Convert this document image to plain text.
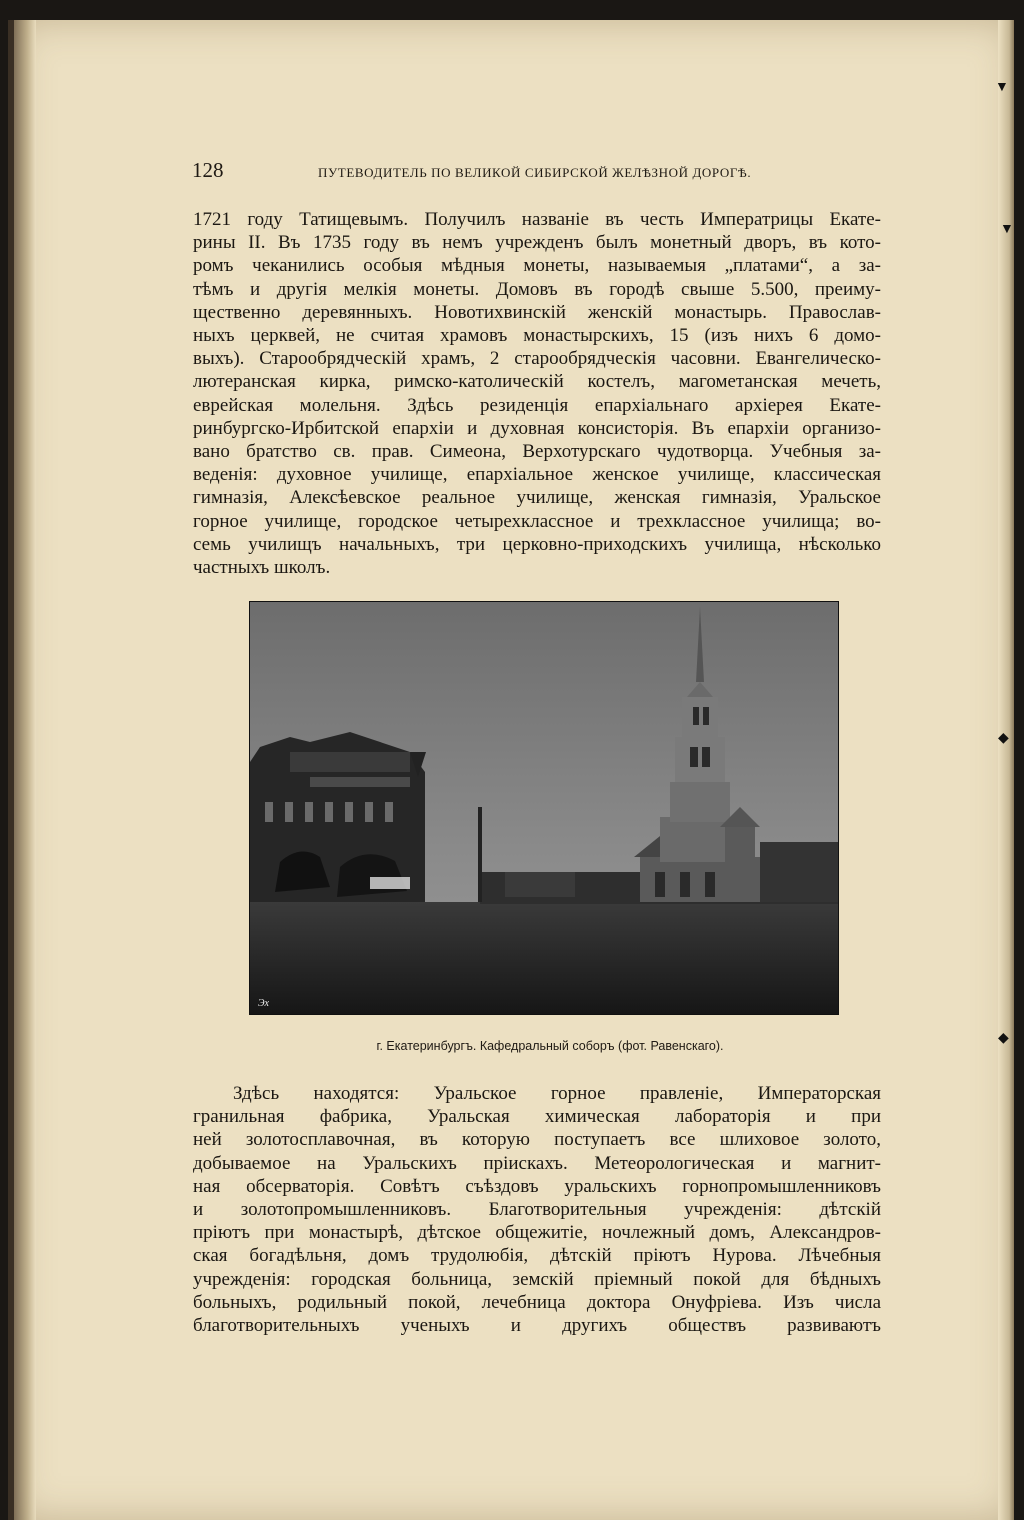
128	ПУТЕВОДИТЕЛЬ ПО ВЕЛИКОЙ СИБИРСКОЙ ЖЕЛѢЗНОЙ ДОРОГѢ.
1721 году Татищевымъ. Получилъ названіе въ честь Императрицы Екате-
рины II. Въ 1735 году въ немъ учрежденъ былъ монетный дворъ, въ кото-
ромъ чеканились особыя мѣдныя монеты, называемыя „платами“, а за-
тѣмъ и другія мелкія монеты. Домовъ въ городѣ свыше 5.500, преиму-
щественно деревянныхъ. Новотихвинскій женскій монастырь. Православ-
ныхъ церквей, не считая храмовъ монастырскихъ, 15 (изъ нихъ 6 домо-
выхъ). Старообрядческій храмъ, 2 старообрядческія часовни. Евангелическо-
лютеранская кирка, римско-католическій костелъ, магометанская мечеть,
еврейская молельня. Здѣсь резиденція епархіальнаго архіерея Екате-
ринбургско-Ирбитской епархіи и духовная консисторія. Въ епархіи организо-
вано братство св. прав. Симеона, Верхотурскаго чудотворца. Учебныя за-
веденія: духовное училище, епархіальное женское училище, классическая
гимназія, Алексѣевское реальное училище, женская гимназія, Уральское
горное училище, городское четырехклассное и трехклассное училища; во-
семь училищъ начальныхъ, три церковно-приходскихъ училища, нѣсколько
частныхъ школъ.
Эх
г. Екатеринбургъ. Кафедральный соборъ (фот. Равенскаго).
Здѣсь находятся: Уральское горное правленіе, Императорская
гранильная фабрика, Уральская химическая лабораторія и при
ней золотосплавочная, въ которую поступаетъ все шлиховое золото,
добываемое на Уральскихъ пріискахъ. Метеорологическая и магнит-
ная обсерваторія. Совѣтъ съѣздовъ уральскихъ горнопромышленниковъ
и золотопромышленниковъ. Благотворительныя учрежденія: дѣтскій
пріютъ при монастырѣ, дѣтское общежитіе, ночлежный домъ, Александров-
ская богадѣльня, домъ трудолюбія, дѣтскій пріютъ Нурова. Лѣчебныя
учрежденія: городская больница, земскій пріемный покой для бѣдныхъ
больныхъ, родильный покой, лечебница доктора Онуфріева. Изъ числа
благотворительныхъ ученыхъ и другихъ обществъ развиваютъ
▼
▼
◆
◆
